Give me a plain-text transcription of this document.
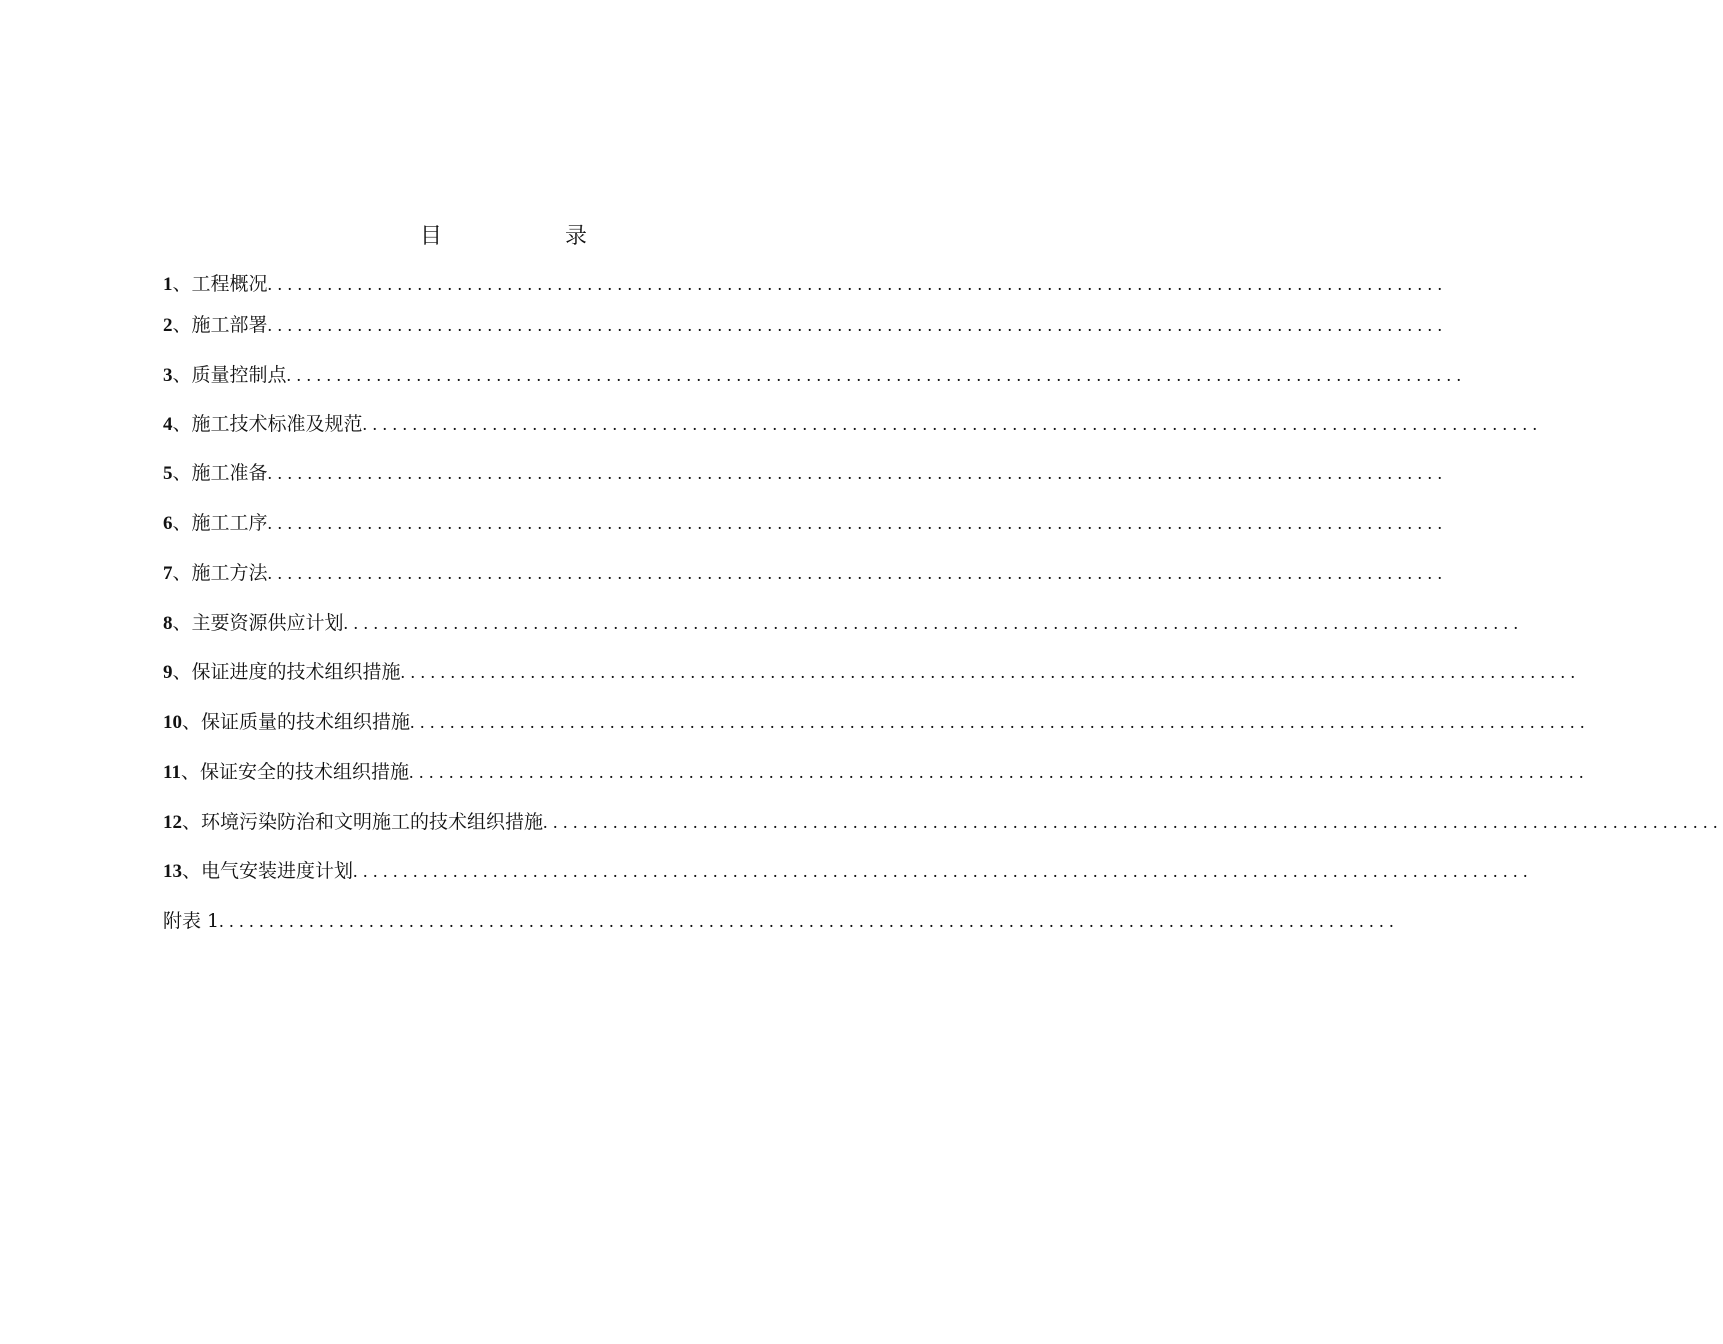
目	录
1 、 工程概况 ......................................................................................................................
2 、 施工部署 ......................................................................................................................
3 、 质量控制点 ......................................................................................................................
4 、 施工技术标准及规范 ......................................................................................................................
5 、 施工准备 ......................................................................................................................
6 、 施工工序 ......................................................................................................................
7 、 施工方法 ......................................................................................................................
8 、 主要资源供应计划 ......................................................................................................................
9 、 保证进度的技术组织措施 ......................................................................................................................
10 、 保证质量的技术组织措施 ......................................................................................................................
11 、 保证安全的技术组织措施 ......................................................................................................................
12 、 环境污染防治和文明施工的技术组织措施 ......................................................................................................................
13 、 电气安装进度计划 ......................................................................................................................
附表 1 ......................................................................................................................
